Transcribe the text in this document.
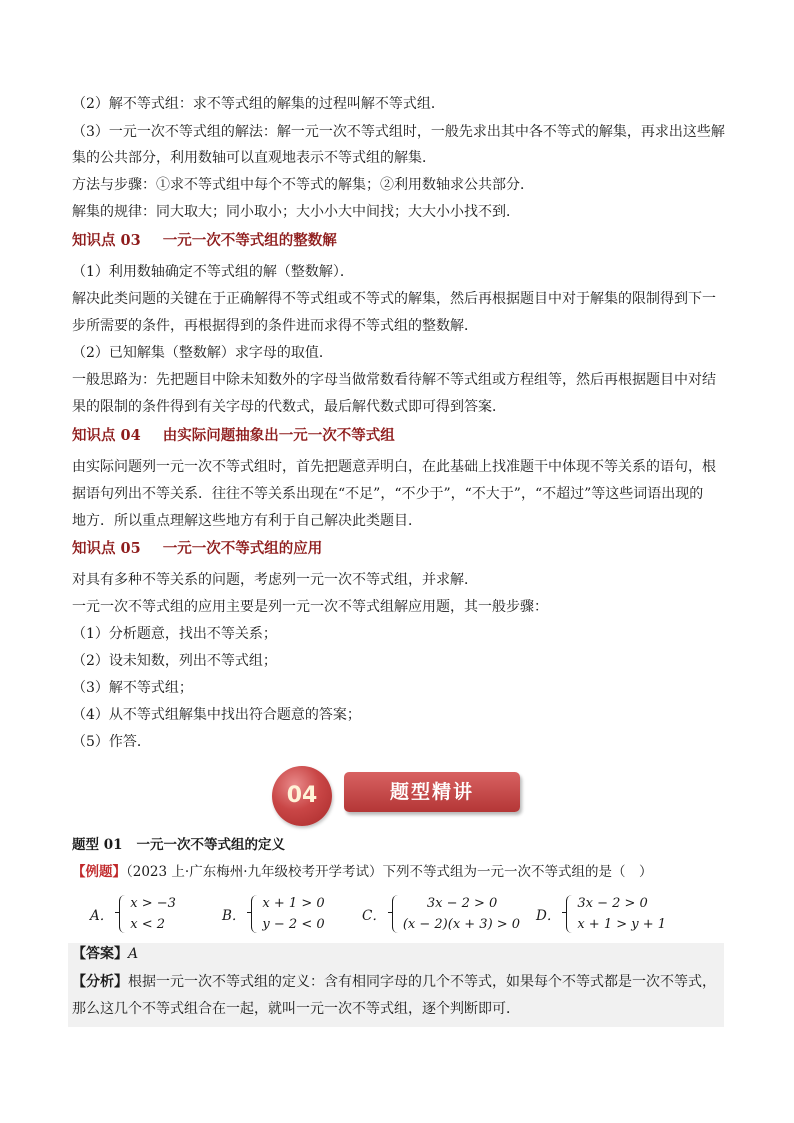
（2）解不等式组：求不等式组的解集的过程叫解不等式组．
（3）一元一次不等式组的解法：解一元一次不等式组时，一般先求出其中各不等式的解集，再求出这些解
集的公共部分，利用数轴可以直观地表示不等式组的解集．
方法与步骤：①求不等式组中每个不等式的解集；②利用数轴求公共部分．
解集的规律：同大取大；同小取小；大小小大中间找；大大小小找不到．
知识点 03 一元一次不等式组的整数解
（1）利用数轴确定不等式组的解（整数解）．
解决此类问题的关键在于正确解得不等式组或不等式的解集，然后再根据题目中对于解集的限制得到下一
步所需要的条件，再根据得到的条件进而求得不等式组的整数解．
（2）已知解集（整数解）求字母的取值．
一般思路为：先把题目中除未知数外的字母当做常数看待解不等式组或方程组等，然后再根据题目中对结
果的限制的条件得到有关字母的代数式，最后解代数式即可得到答案．
知识点 04 由实际问题抽象出一元一次不等式组
由实际问题列一元一次不等式组时，首先把题意弄明白，在此基础上找准题干中体现不等关系的语句，根
据语句列出不等关系．往往不等关系出现在“不足”，“不少于”，“不大于”，“不超过”等这些词语出现的
地方．所以重点理解这些地方有利于自己解决此类题目．
知识点 05 一元一次不等式组的应用
对具有多种不等关系的问题，考虑列一元一次不等式组，并求解．
一元一次不等式组的应用主要是列一元一次不等式组解应用题，其一般步骤：
（1）分析题意，找出不等关系；
（2）设未知数，列出不等式组；
（3）解不等式组；
（4）从不等式组解集中找出符合题意的答案；
（5）作答．
04	题型精讲
题型 01 一元一次不等式组的定义
【例题】（2023 上·广东梅州·九年级校考开学考试）下列不等式组为一元一次不等式组的是（　）
A．
x > −3
x < 2
B．
x + 1 > 0
y − 2 < 0
C．
3x − 2 > 0
(x − 2)(x + 3) > 0
D．
3x − 2 > 0
x + 1 > y + 1
【答案】A
【分析】根据一元一次不等式组的定义：含有相同字母的几个不等式，如果每个不等式都是一次不等式，
那么这几个不等式组合在一起，就叫一元一次不等式组，逐个判断即可．
